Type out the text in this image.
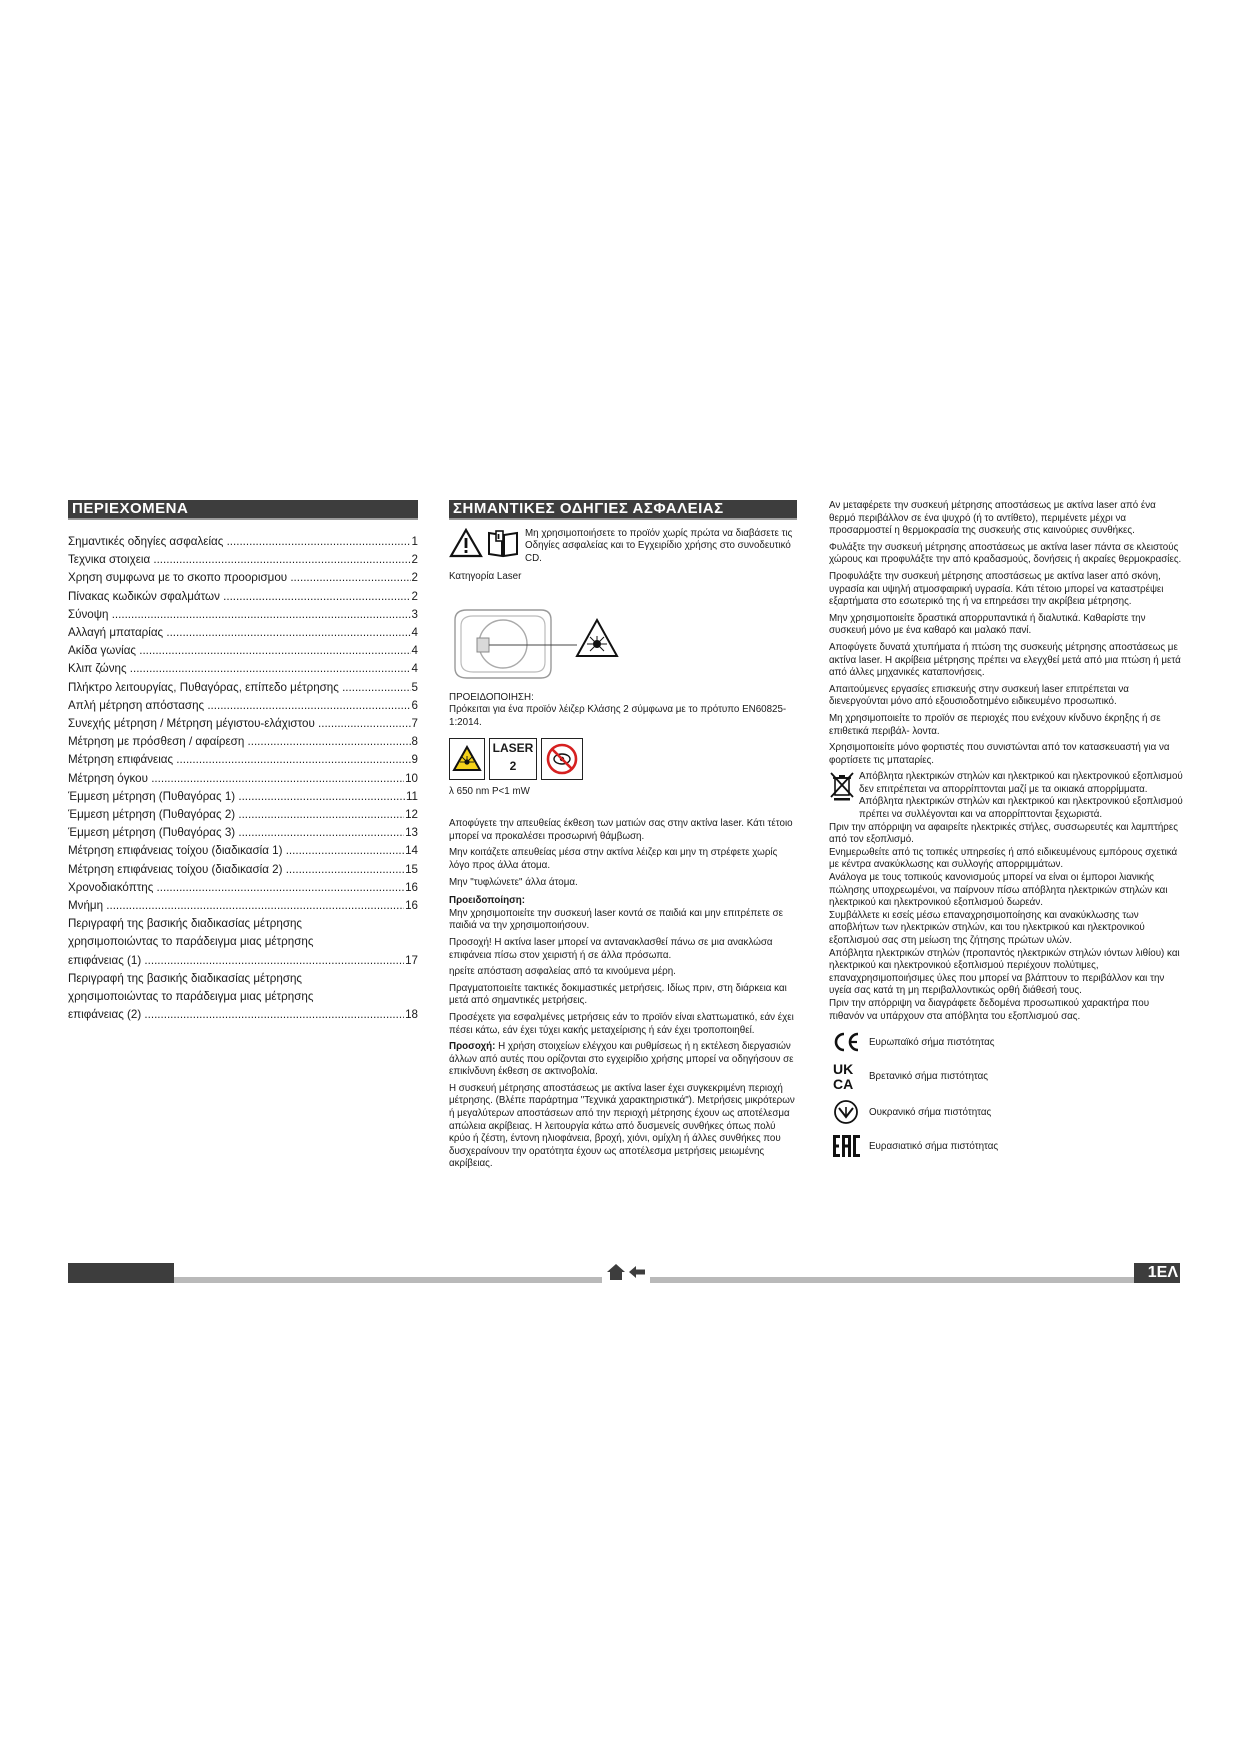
ΠΕΡΙΕΧΟΜΕΝΑ
Σημαντικές οδηγίες ασφαλείας .....	1
Τεχνικα στοιχεια .....	2
Χρηση συμφωνα με το σκοπο προορισμου .....	2
Πίνακας κωδικών σφαλμάτων .....	2
Σύνοψη .....	3
Αλλαγή μπαταρίας .....	4
Ακίδα γωνίας .....	4
Κλιπ ζώνης .....	4
Πλήκτρο λειτουργίας, Πυθαγόρας, επίπεδο μέτρησης .....	5
Απλή μέτρηση απόστασης .....	6
Συνεχής μέτρηση / Μέτρηση μέγιστου-ελάχιστου .....	7
Μέτρηση με πρόσθεση / αφαίρεση .....	8
Μέτρηση επιφάνειας .....	9
Μέτρηση όγκου .....	10
Έμμεση μέτρηση (Πυθαγόρας 1) .....	11
Έμμεση μέτρηση (Πυθαγόρας 2) .....	12
Έμμεση μέτρηση (Πυθαγόρας 3) .....	13
Μέτρηση επιφάνειας τοίχου (διαδικασία 1) .....	14
Μέτρηση επιφάνειας τοίχου (διαδικασία 2) .....	15
Χρονοδιακόπτης .....	16
Μνήμη .....	16
Περιγραφή της βασικής διαδικασίας μέτρησης
χρησιμοποιώντας το παράδειγμα μιας μέτρησης
επιφάνειας (1) .....	17
Περιγραφή της βασικής διαδικασίας μέτρησης
χρησιμοποιώντας το παράδειγμα μιας μέτρησης
επιφάνειας (2) .....	18
ΣΗΜΑΝΤΙΚΕΣ ΟΔΗΓΙΕΣ ΑΣΦΑΛΕΙΑΣ
Μη χρησιμοποιήσετε το προϊόν χωρίς πρώτα να διαβάσετε τις Οδηγίες ασφαλείας και το Εγχειρίδιο χρήσης στο συνοδευτικό CD.

Κατηγορία Laser

ΠΡΟΕΙΔΟΠΟΙΗΣΗ:

Πρόκειται για ένα προϊόν λέιζερ Κλάσης 2 σύμφωνα με το πρότυπο EN60825-1:2014.

LASER
2

λ 650 nm P<1 mW

Αποφύγετε την απευθείας έκθεση των ματιών σας στην ακτίνα laser. Κάτι τέτοιο μπορεί να προκαλέσει προσωρινή θάμβωση.

Μην κοιτάζετε απευθείας μέσα στην ακτίνα λέιζερ και μην τη στρέφετε χωρίς λόγο προς άλλα άτομα.

Μην "τυφλώνετε" άλλα άτομα.

Προειδοποίηση:

Μην χρησιμοποιείτε την συσκευή laser κοντά σε παιδιά και μην επιτρέπετε σε παιδιά να την χρησιμοποιήσουν.

Προσοχή! Η ακτίνα laser μπορεί να αντανακλασθεί πάνω σε μια ανακλώσα επιφάνεια πίσω στον χειριστή ή σε άλλα πρόσωπα.

ηρείτε απόσταση ασφαλείας από τα κινούμενα μέρη.

Πραγματοποιείτε τακτικές δοκιμαστικές μετρήσεις. Ιδίως πριν, στη διάρκεια και μετά από σημαντικές μετρήσεις.

Προσέχετε για εσφαλμένες μετρήσεις εάν το προϊόν είναι ελαττωματικό, εάν έχει πέσει κάτω, εάν έχει τύχει κακής μεταχείρισης ή εάν έχει τροποποιηθεί.

Προσοχή: Η χρήση στοιχείων ελέγχου και ρυθμίσεως ή η εκτέλεση διεργασιών άλλων από αυτές που ορίζονται στο εγχειρίδιο χρήσης μπορεί να οδηγήσουν σε επικίνδυνη έκθεση σε ακτινοβολία.

Η συσκευή μέτρησης αποστάσεως με ακτίνα laser έχει συγκεκριμένη περιοχή μέτρησης. (Βλέπε παράρτημα "Τεχνικά χαρακτηριστικά"). Μετρήσεις μικρότερων ή μεγαλύτερων αποστάσεων από την περιοχή μέτρησης έχουν ως αποτέλεσμα απώλεια ακρίβειας. Η λειτουργία κάτω από δυσμενείς συνθήκες όπως πολύ κρύο ή ζέστη, έντονη ηλιοφάνεια, βροχή, χιόνι, ομίχλη ή άλλες συνθήκες που δυσχεραίνουν την ορατότητα έχουν ως αποτέλεσμα μετρήσεις μειωμένης ακρίβειας.

Αν μεταφέρετε την συσκευή μέτρησης αποστάσεως με ακτίνα laser από ένα θερμό περιβάλλον σε ένα ψυχρό (ή το αντίθετο), περιμένετε μέχρι να προσαρμοστεί η θερμοκρασία της συσκευής στις καινούριες συνθήκες.

Φυλάξτε την συσκευή μέτρησης αποστάσεως με ακτίνα laser πάντα σε κλειστούς χώρους και προφυλάξτε την από κραδασμούς, δονήσεις ή ακραίες θερμοκρασίες.

Προφυλάξτε την συσκευή μέτρησης αποστάσεως με ακτίνα laser από σκόνη, υγρασία και υψηλή ατμοσφαιρική υγρασία. Κάτι τέτοιο μπορεί να καταστρέψει εξαρτήματα στο εσωτερικό της ή να επηρεάσει την ακρίβεια μέτρησης.

Μην χρησιμοποιείτε δραστικά απορρυπαντικά ή διαλυτικά. Καθαρίστε την συσκευή μόνο με ένα καθαρό και μαλακό πανί.

Αποφύγετε δυνατά χτυπήματα ή πτώση της συσκευής μέτρησης αποστάσεως με ακτίνα laser. Η ακρίβεια μέτρησης πρέπει να ελεγχθεί μετά από μια πτώση ή μετά από άλλες μηχανικές καταπονήσεις.

Απαιτούμενες εργασίες επισκευής στην συσκευή laser επιτρέπεται να διενεργούνται μόνο από εξουσιοδοτημένο ειδικευμένο προσωπικό.

Μη χρησιμοποιείτε το προϊόν σε περιοχές που ενέχουν κίνδυνο έκρηξης ή σε επιθετικά περιβάλ- λοντα.

Χρησιμοποιείτε μόνο φορτιστές που συνιστώνται από τον κατασκευαστή για να φορτίσετε τις μπαταρίες.

Απόβλητα ηλεκτρικών στηλών και ηλεκτρικού και ηλεκτρονικού εξοπλισμού δεν επιτρέπεται να απορρίπτονται μαζί με τα οικιακά απορρίμματα. Απόβλητα ηλεκτρικών στηλών και ηλεκτρικού και ηλεκτρονικού εξοπλισμού πρέπει να συλλέγονται και να απορρίπτονται ξεχωριστά.

Πριν την απόρριψη να αφαιρείτε ηλεκτρικές στήλες, συσσωρευτές και λαμπτήρες από τον εξοπλισμό.

Ενημερωθείτε από τις τοπικές υπηρεσίες ή από ειδικευμένους εμπόρους σχετικά με κέντρα ανακύκλωσης και συλλογής απορριμμάτων.

Ανάλογα με τους τοπικούς κανονισμούς μπορεί να είναι οι έμποροι λιανικής πώλησης υποχρεωμένοι, να παίρνουν πίσω απόβλητα ηλεκτρικών στηλών και ηλεκτρικού και ηλεκτρονικού εξοπλισμού δωρεάν.

Συμβάλλετε κι εσείς μέσω επαναχρησιμοποίησης και ανακύκλωσης των αποβλήτων των ηλεκτρικών στηλών, και του ηλεκτρικού και ηλεκτρονικού εξοπλισμού σας στη μείωση της ζήτησης πρώτων υλών.

Απόβλητα ηλεκτρικών στηλών (προπαντός ηλεκτρικών στηλών ιόντων λιθίου) και ηλεκτρικού και ηλεκτρονικού εξοπλισμού περιέχουν πολύτιμες, επαναχρησιμοποιήσιμες ύλες που μπορεί να βλάπτουν το περιβάλλον και την υγεία σας κατά τη μη περιβαλλοντικώς ορθή διάθεσή τους.

Πριν την απόρριψη να διαγράφετε δεδομένα προσωπικού χαρακτήρα που πιθανόν να υπάρχουν στα απόβλητα του εξοπλισμού σας.

Ευρωπαϊκό σήμα πιστότητας
UK
CA	Βρετανικό σήμα πιστότητας
Ουκρανικό σήμα πιστότητας
Ευρασιατικό σήμα πιστότητας
1ΕΛ
